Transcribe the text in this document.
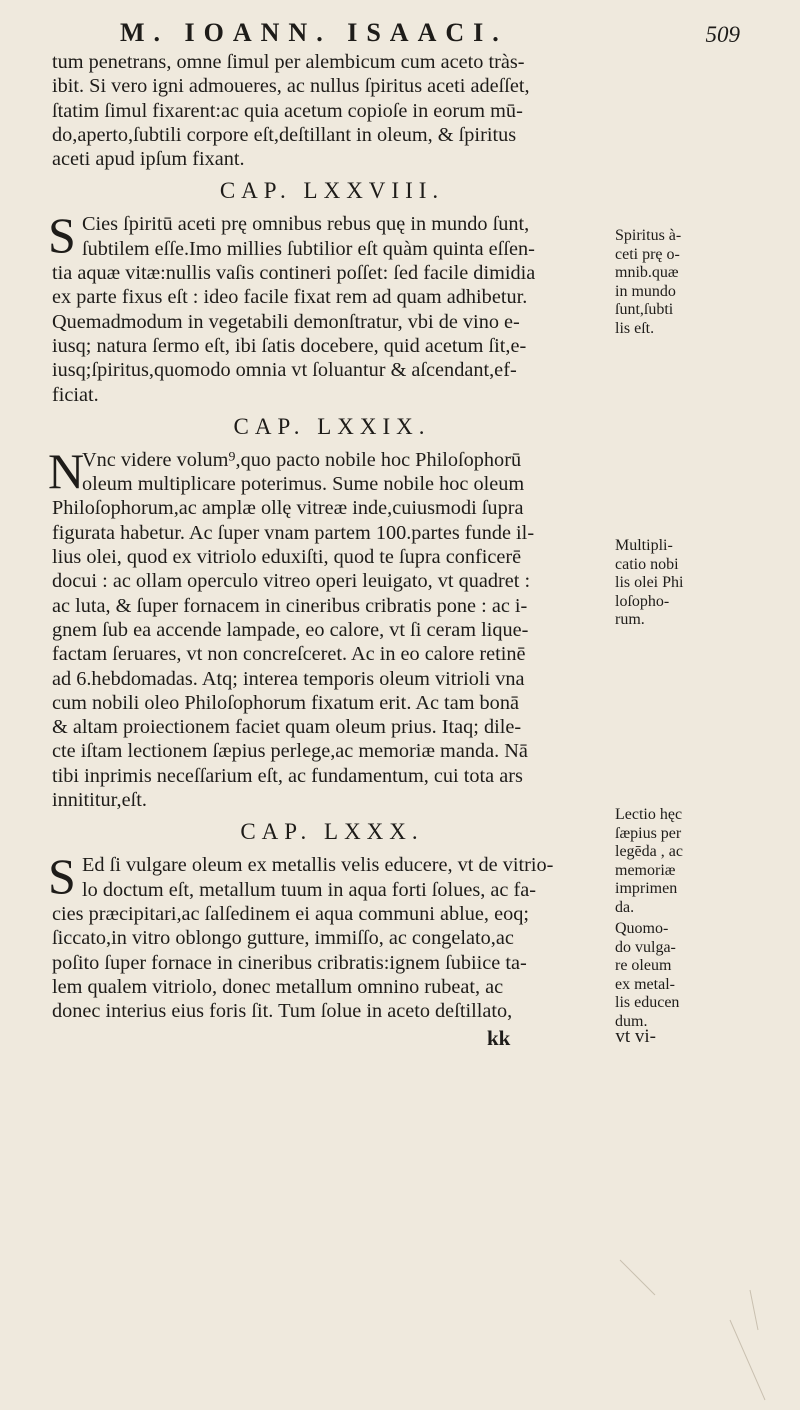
M. IOANN. ISAACI.	509
tum penetrans, omne ſimul per alembicum cum aceto tràs-
ibit. Si vero igni admoueres, ac nullus ſpiritus aceti adeſſet,
ſtatim ſimul fixarent:ac quia acetum copioſe in eorum mū-
do,aperto,ſubtili corpore eſt,deſtillant in oleum, & ſpiritus
aceti apud ipſum fixant.
CAP. LXXVIII.
S Cies ſpiritū aceti prę omnibus rebus quę in mundo ſunt,
ſubtilem eſſe.Imo millies ſubtilior eſt quàm quinta eſſen-
tia aquæ vitæ:nullis vaſis contineri poſſet: ſed facile dimidia
ex parte fixus eſt : ideo facile fixat rem ad quam adhibetur.
Quemadmodum in vegetabili demonſtratur, vbi de vino e-
iusq; natura ſermo eſt, ibi ſatis docebere, quid acetum ſit,e-
iusq;ſpiritus,quomodo omnia vt ſoluantur & aſcendant,ef-
ficiat.
CAP. LXXIX.
N
Vnc videre volum⁹,quo pacto nobile hoc Philoſophorū
oleum multiplicare poterimus. Sume nobile hoc oleum
Philoſophorum,ac amplæ ollę vitreæ inde,cuiusmodi ſupra
figurata habetur. Ac ſuper vnam partem 100.partes funde il-
lius olei, quod ex vitriolo eduxiſti, quod te ſupra conficerē
docui : ac ollam operculo vitreo operi leuigato, vt quadret :
ac luta, & ſuper fornacem in cineribus cribratis pone : ac i-
gnem ſub ea accende lampade, eo calore, vt ſi ceram lique-
factam ſeruares, vt non concreſceret. Ac in eo calore retinē
ad 6.hebdomadas. Atq; interea temporis oleum vitrioli vna
cum nobili oleo Philoſophorum fixatum erit. Ac tam bonā
& altam proiectionem faciet quam oleum prius. Itaq; dile-
cte iſtam lectionem ſæpius perlege,ac memoriæ manda. Nā
tibi inprimis neceſſarium eſt, ac fundamentum, cui tota ars
innititur,eſt.
CAP. LXXX.
S Ed ſi vulgare oleum ex metallis velis educere, vt de vitrio-
lo doctum eſt, metallum tuum in aqua forti ſolues, ac fa-
cies præcipitari,ac ſalſedinem ei aqua communi ablue, eoq;
ſiccato,in vitro oblongo gutture, immiſſo, ac congelato,ac
poſito ſuper fornace in cineribus cribratis:ignem ſubiice ta-
lem qualem vitriolo, donec metallum omnino rubeat, ac
donec interius eius foris ſit. Tum ſolue in aceto deſtillato,
Spiritus à-
ceti prę o-
mnib.quæ
in mundo
ſunt,ſubti
lis eſt.
Multipli-
catio nobi
lis olei Phi
loſopho-
rum.
Lectio hęc
ſæpius per
legēda , ac
memoriæ
imprimen
da.
Quomo-
do vulga-
re oleum
ex metal-
lis educen
dum.
kk	vt vi-
